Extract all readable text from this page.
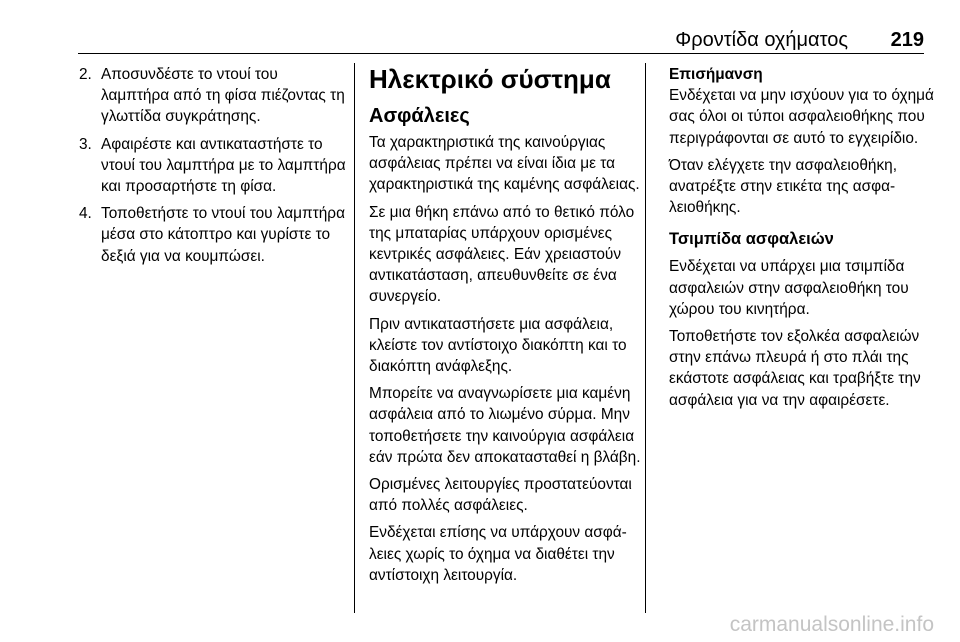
Φροντίδα οχήματος 219
2. Αποσυνδέστε το ντουί του λαμπτήρα από τη φίσα πιέζοντας τη γλωττίδα συγκράτησης.
3. Αφαιρέστε και αντικαταστήστε το ντουί του λαμπτήρα με το λαμπτήρα και προσαρτήστε τη φίσα.
4. Τοποθετήστε το ντουί του λαμπτήρα μέσα στο κάτοπτρο και γυρίστε το δεξιά για να κουμπώσει.
Ηλεκτρικό σύστημα
Ασφάλειες

Τα χαρακτηριστικά της καινούργιας ασφάλειας πρέπει να είναι ίδια με τα χαρακτηριστικά της καμένης ασφάλειας.

Σε μια θήκη επάνω από το θετικό πόλο της μπαταρίας υπάρχουν ορισμένες κεντρικές ασφάλειες. Εάν χρειαστούν αντικατάσταση, απευθυνθείτε σε ένα συνεργείο.

Πριν αντικαταστήσετε μια ασφάλεια, κλείστε τον αντίστοιχο διακόπτη και το διακόπτη ανάφλεξης.

Μπορείτε να αναγνωρίσετε μια καμένη ασφάλεια από το λιωμένο σύρμα. Μην τοποθετήσετε την καινούργια ασφάλεια εάν πρώτα δεν αποκατασταθεί η βλάβη.

Ορισμένες λειτουργίες προστατεύονται από πολλές ασφάλειες.

Ενδέχεται επίσης να υπάρχουν ασφάλειες χωρίς το όχημα να διαθέτει την αντίστοιχη λειτουργία.

Επισήμανση

Ενδέχεται να μην ισχύουν για το όχημά σας όλοι οι τύποι ασφαλειοθήκης που περιγράφονται σε αυτό το εγχειρίδιο.

Όταν ελέγχετε την ασφαλειοθήκη, ανατρέξτε στην ετικέτα της ασφαλειοθήκης.

Τσιμπίδα ασφαλειών

Ενδέχεται να υπάρχει μια τσιμπίδα ασφαλειών στην ασφαλειοθήκη του χώρου του κινητήρα.

Τοποθετήστε τον εξολκέα ασφαλειών στην επάνω πλευρά ή στο πλάι της εκάστοτε ασφάλειας και τραβήξτε την ασφάλεια για να την αφαιρέσετε.

carmanualsonline.info
